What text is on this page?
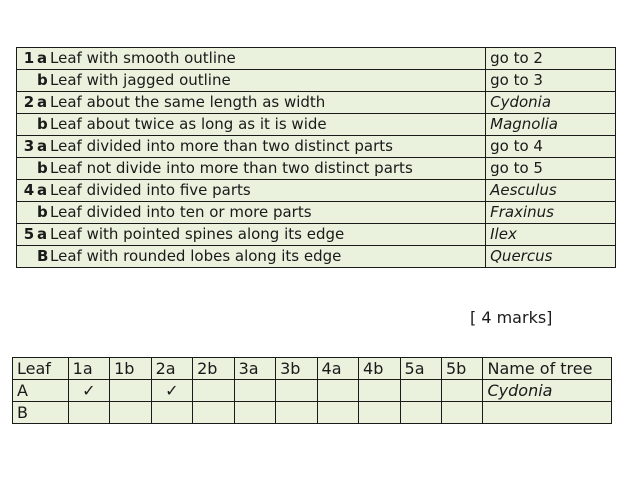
1 a Leaf with smooth outline	go to 2
b Leaf with jagged outline	go to 3
2 a Leaf about the same length as width	Cydonia
b Leaf about twice as long as it is wide	Magnolia
3 a Leaf divided into more than two distinct parts	go to 4
b Leaf not divide into more than two distinct parts	go to 5
4 a Leaf divided into five parts	Aesculus
b Leaf divided into ten or more parts	Fraxinus
5 a Leaf with pointed spines along its edge	Ilex
B Leaf with rounded lobes along its edge	Quercus
[ 4 marks]
Leaf	1a	1b	2a	2b	3a	3b	4a	4b	5a	5b	Name of tree
A	✓		✓								Cydonia
B											
